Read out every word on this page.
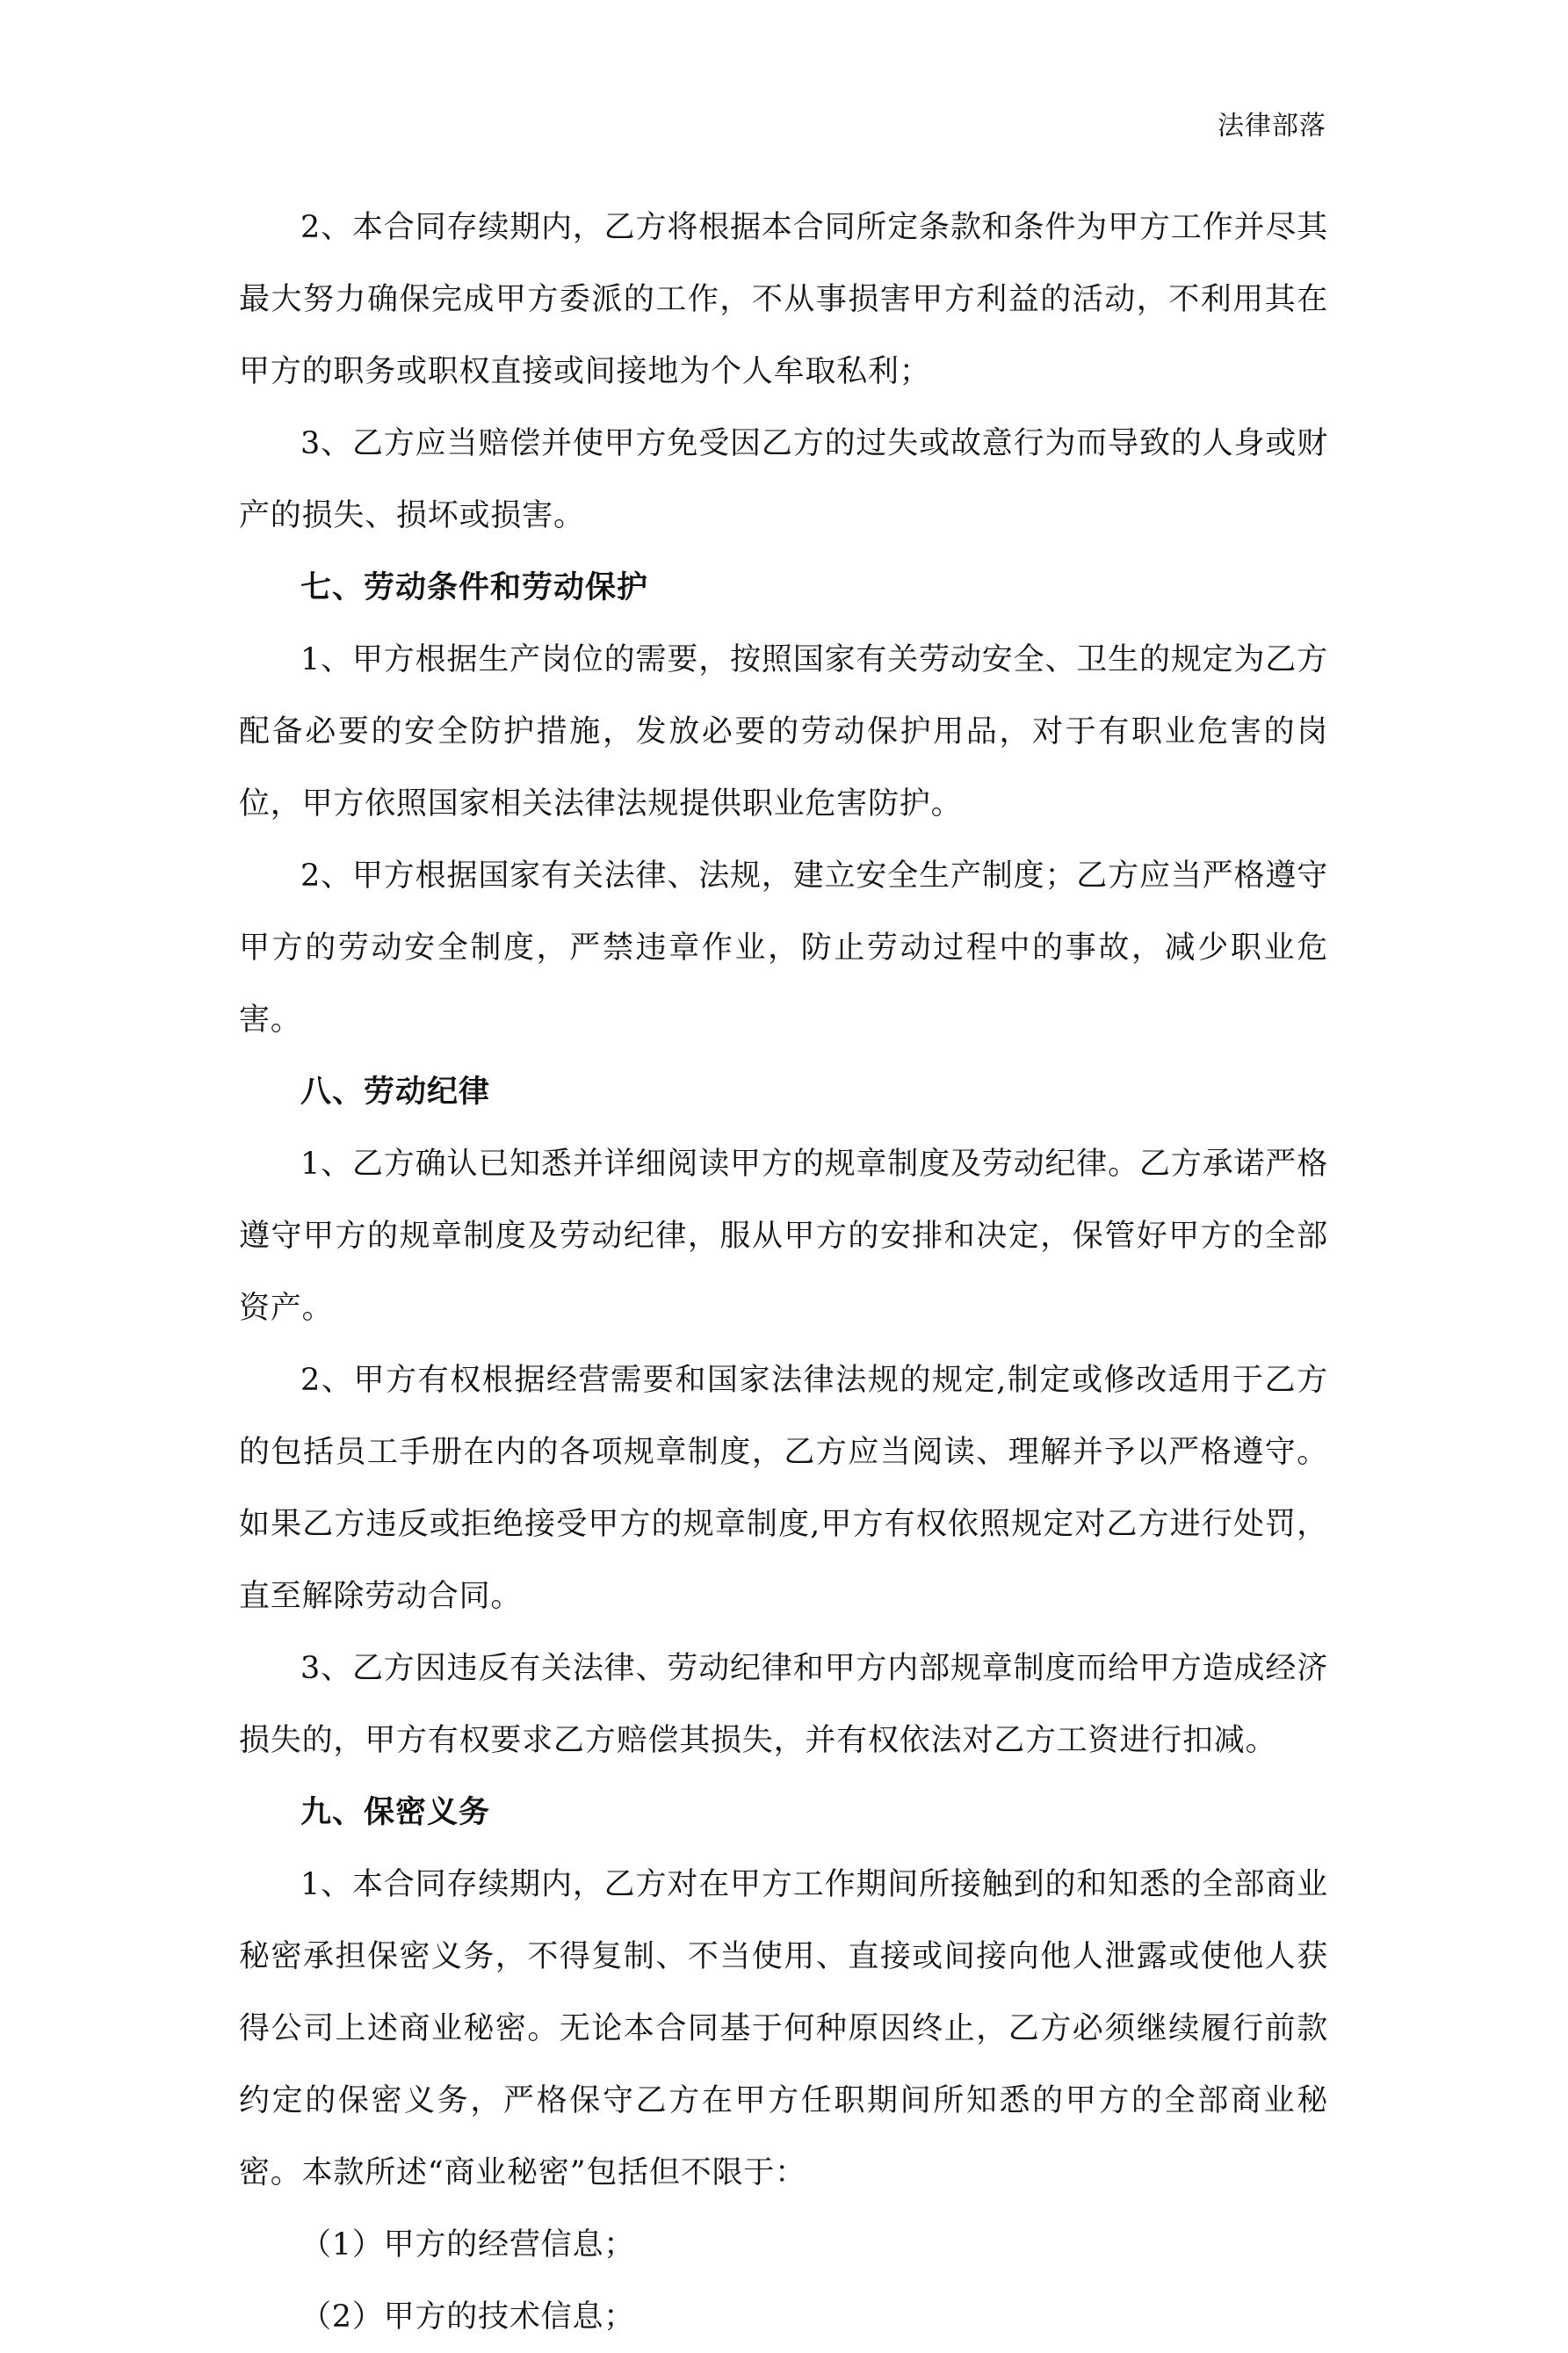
法律部落

2、本合同存续期内，乙方将根据本合同所定条款和条件为甲方工作并尽其最大努力确保完成甲方委派的工作，不从事损害甲方利益的活动，不利用其在甲方的职务或职权直接或间接地为个人牟取私利；

3、乙方应当赔偿并使甲方免受因乙方的过失或故意行为而导致的人身或财产的损失、损坏或损害。

七、劳动条件和劳动保护

1、甲方根据生产岗位的需要，按照国家有关劳动安全、卫生的规定为乙方配备必要的安全防护措施，发放必要的劳动保护用品，对于有职业危害的岗位，甲方依照国家相关法律法规提供职业危害防护。

2、甲方根据国家有关法律、法规，建立安全生产制度；乙方应当严格遵守甲方的劳动安全制度，严禁违章作业，防止劳动过程中的事故，减少职业危害。

八、劳动纪律

1、乙方确认已知悉并详细阅读甲方的规章制度及劳动纪律。乙方承诺严格遵守甲方的规章制度及劳动纪律，服从甲方的安排和决定，保管好甲方的全部资产。

2、甲方有权根据经营需要和国家法律法规的规定,制定或修改适用于乙方的包括员工手册在内的各项规章制度，乙方应当阅读、理解并予以严格遵守。如果乙方违反或拒绝接受甲方的规章制度,甲方有权依照规定对乙方进行处罚，直至解除劳动合同。

3、乙方因违反有关法律、劳动纪律和甲方内部规章制度而给甲方造成经济损失的，甲方有权要求乙方赔偿其损失，并有权依法对乙方工资进行扣减。

九、保密义务

1、本合同存续期内，乙方对在甲方工作期间所接触到的和知悉的全部商业秘密承担保密义务，不得复制、不当使用、直接或间接向他人泄露或使他人获得公司上述商业秘密。无论本合同基于何种原因终止，乙方必须继续履行前款约定的保密义务，严格保守乙方在甲方任职期间所知悉的甲方的全部商业秘密。本款所述“商业秘密”包括但不限于：

（1）甲方的经营信息；

（2）甲方的技术信息；
